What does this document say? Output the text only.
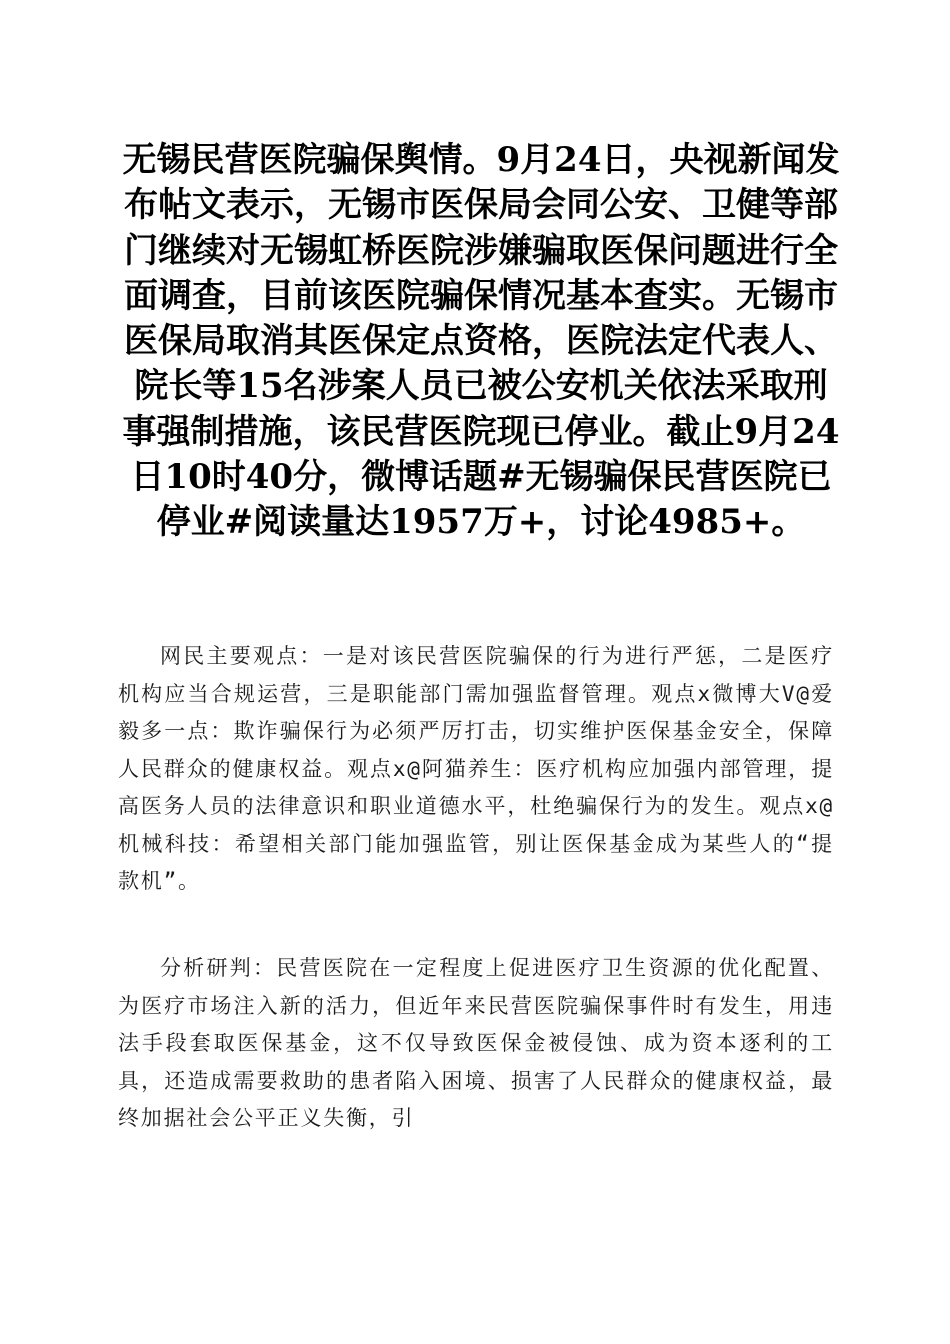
无锡民营医院骗保舆情。9月24日，央视新闻发布帖文表示，无锡市医保局会同公安、卫健等部门继续对无锡虹桥医院涉嫌骗取医保问题进行全面调查，目前该医院骗保情况基本查实。无锡市医保局取消其医保定点资格，医院法定代表人、院长等15名涉案人员已被公安机关依法采取刑事强制措施，该民营医院现已停业。截止9月24日10时40分，微博话题#无锡骗保民营医院已停业#阅读量达1957万+，讨论4985+。

网民主要观点：一是对该民营医院骗保的行为进行严惩，二是医疗机构应当合规运营，三是职能部门需加强监督管理。观点x微博大V@爱毅多一点：欺诈骗保行为必须严厉打击，切实维护医保基金安全，保障人民群众的健康权益。观点x@阿猫养生：医疗机构应加强内部管理，提高医务人员的法律意识和职业道德水平，杜绝骗保行为的发生。观点x@机械科技：希望相关部门能加强监管，别让医保基金成为某些人的“提款机”。

分析研判：民营医院在一定程度上促进医疗卫生资源的优化配置、为医疗市场注入新的活力，但近年来民营医院骗保事件时有发生，用违法手段套取医保基金，这不仅导致医保金被侵蚀、成为资本逐利的工具，还造成需要救助的患者陷入困境、损害了人民群众的健康权益，最终加据社会公平正义失衡，引
